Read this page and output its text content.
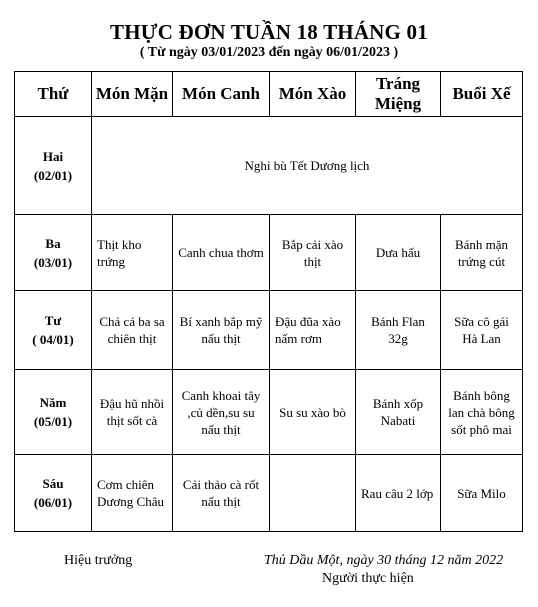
THỰC ĐƠN TUẦN 18 THÁNG 01
( Từ ngày 03/01/2023 đến ngày 06/01/2023 )
Thứ	Món Mặn	Món Canh	Món Xào	Tráng Miệng	Buổi Xế

Hai
(02/01)	Nghỉ bù Tết Dương lịch				

Ba
(03/01)	Thịt kho trứng	Canh chua thơm	Bắp cải xào thịt	Dưa hấu	Bánh mặn trứng cút

Tư
( 04/01)	Chả cá ba sa chiên thịt	Bí xanh bắp mỹ nấu thịt	Đậu đũa xào nấm rơm	Bánh Flan 32g	Sữa cô gái Hà Lan

Năm
(05/01)	Đậu hũ nhồi thịt sốt cà	Canh khoai tây ,củ dền,su su nấu thịt	Su su xào bò	Bánh xốp Nabati	Bánh bông lan chà bông sốt phô mai

Sáu
(06/01)	Cơm chiên Dương Châu	Cải thảo cà rốt nấu thịt		Rau câu 2 lớp	Sữa Milo
Hiệu trưởng	Thủ Dầu Một, ngày 30 tháng 12 năm 2022
Người thực hiện
